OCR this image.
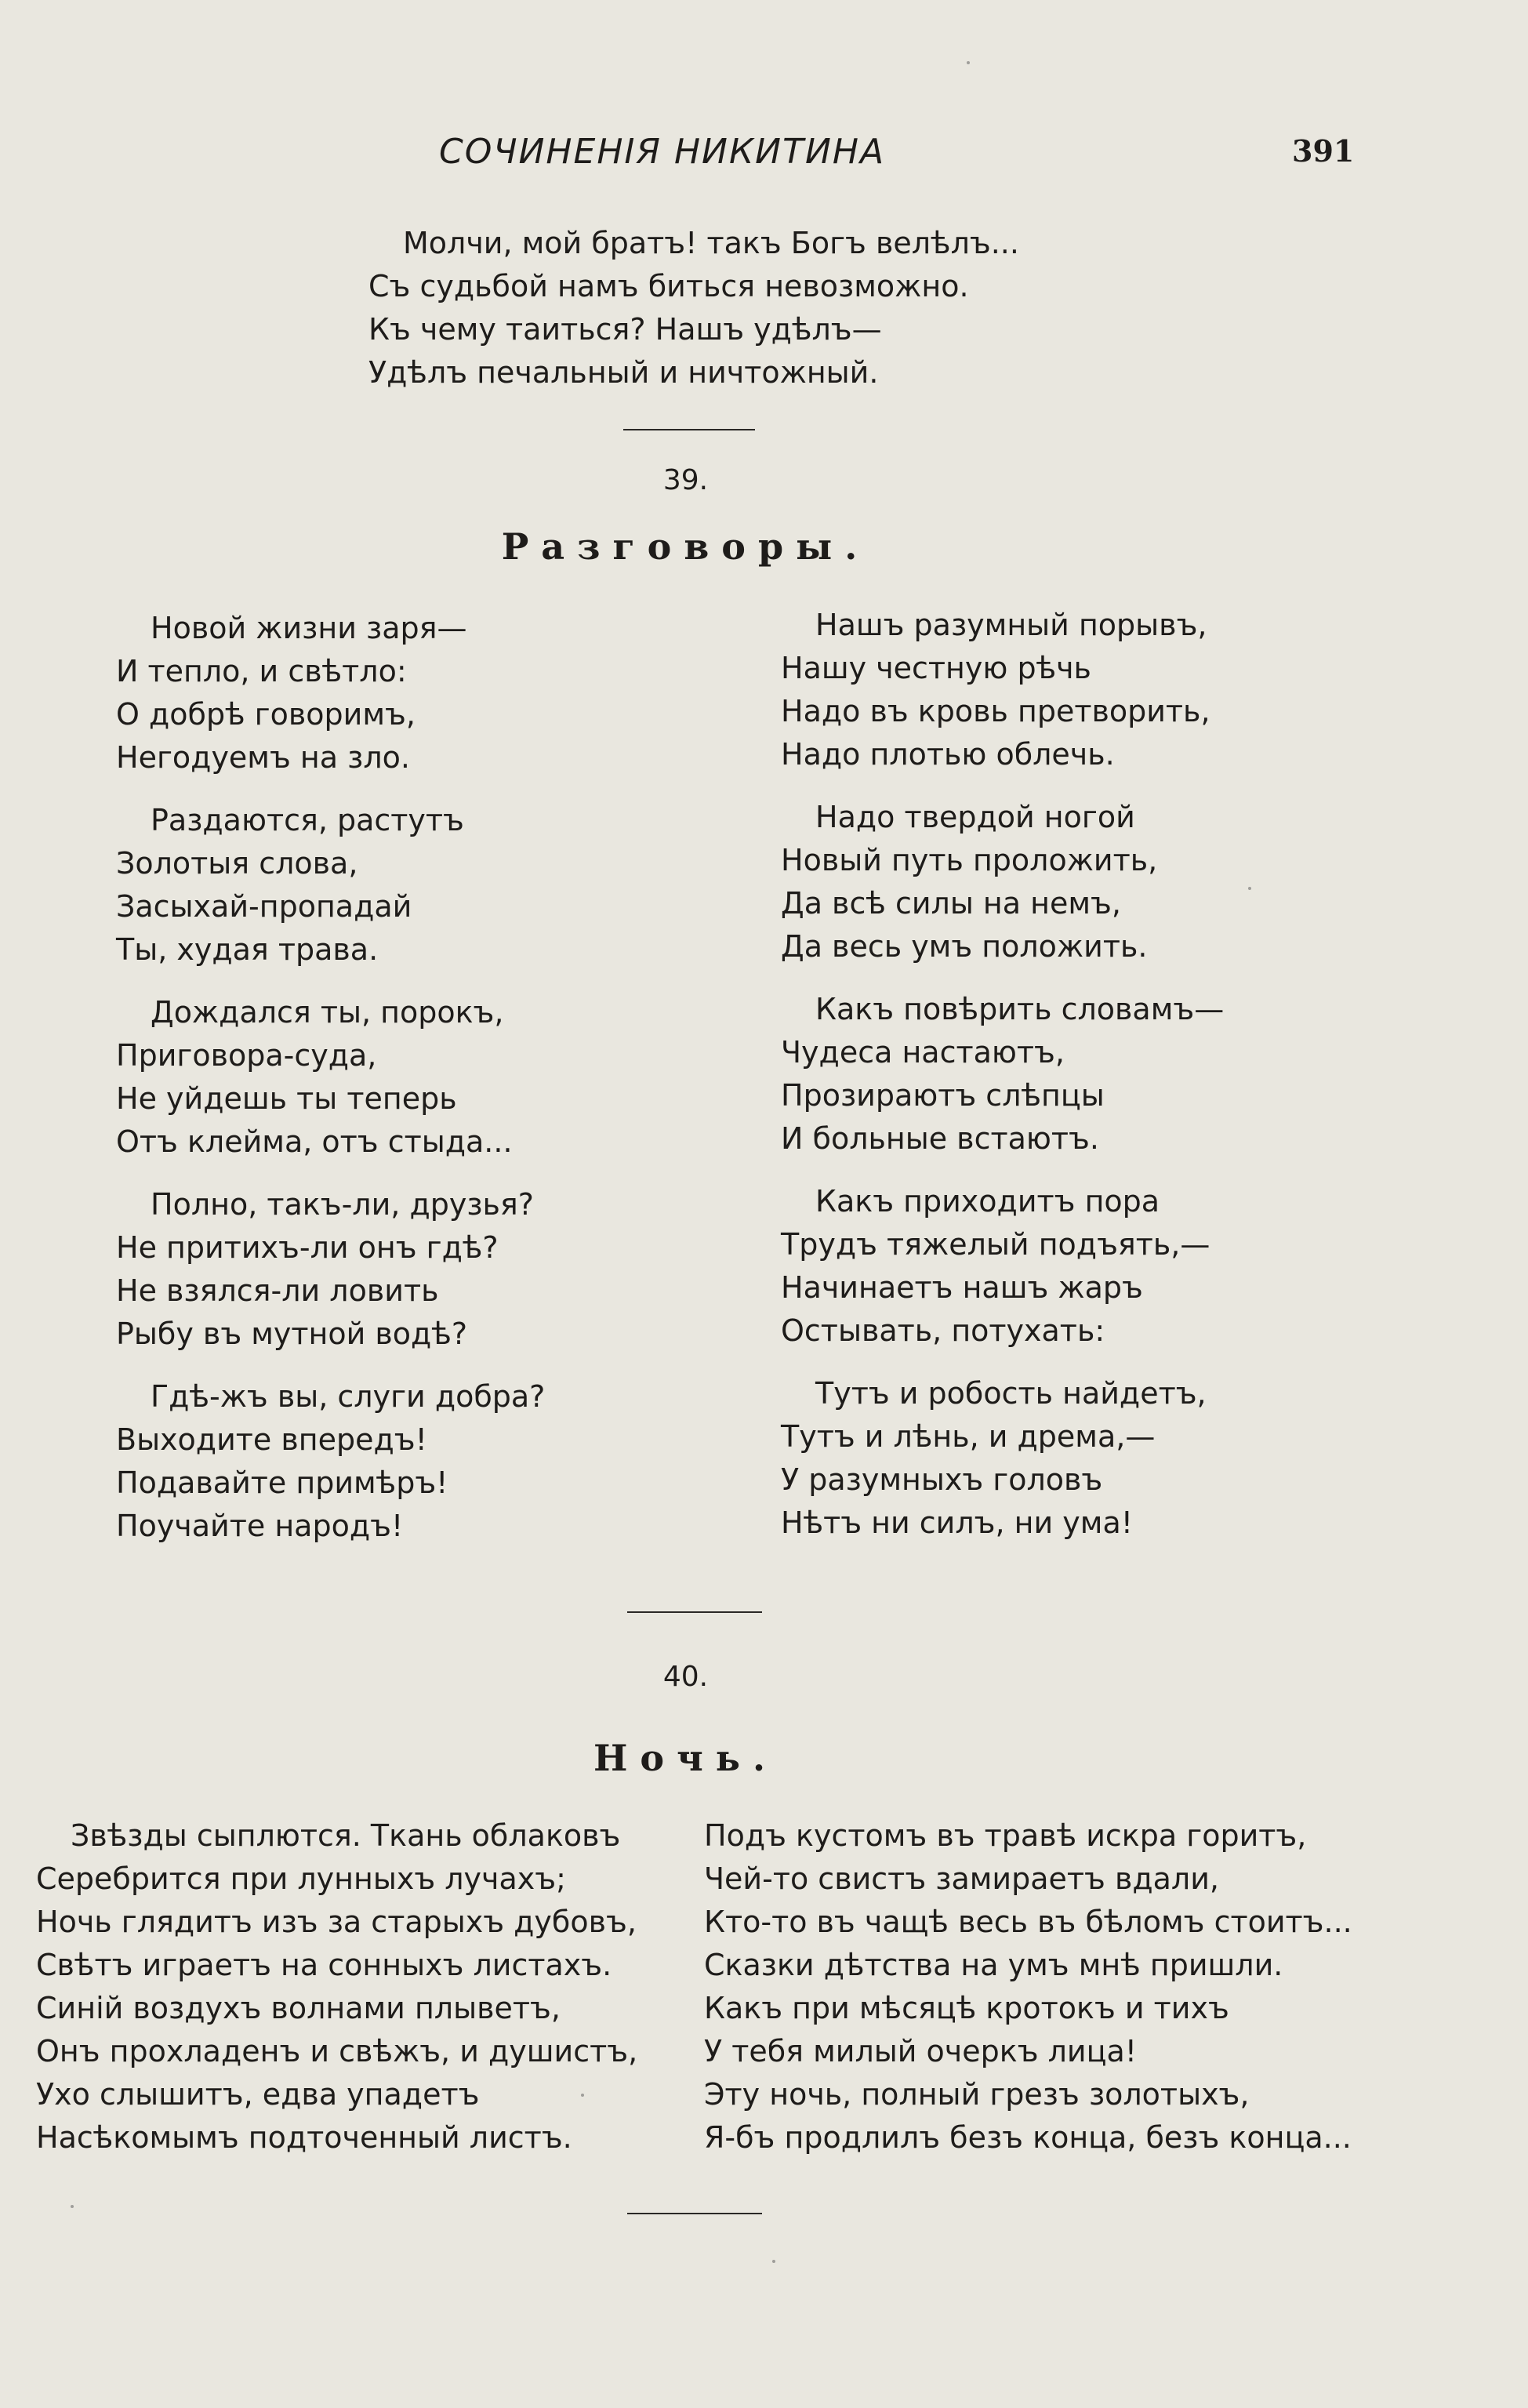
СОЧИНЕНІЯ НИКИТИНА	391
Молчи, мой братъ! такъ Богъ велѣлъ...
Съ судьбой намъ биться невозможно.
Къ чему таиться? Нашъ удѣлъ—
Удѣлъ печальный и ничтожный.
39.
Разговоры.
Новой жизни заря—
И тепло, и свѣтло:
О добрѣ говоримъ,
Негодуемъ на зло.
Раздаются, растутъ
Золотыя слова,
Засыхай-пропадай
Ты, худая трава.
Дождался ты, порокъ,
Приговора-суда,
Не уйдешь ты теперь
Отъ клейма, отъ стыда...
Полно, такъ-ли, друзья?
Не притихъ-ли онъ гдѣ?
Не взялся-ли ловить
Рыбу въ мутной водѣ?
Гдѣ-жъ вы, слуги добра?
Выходите впередъ!
Подавайте примѣръ!
Поучайте народъ!
Нашъ разумный порывъ,
Нашу честную рѣчь
Надо въ кровь претворить,
Надо плотью облечь.
Надо твердой ногой
Новый путь проложить,
Да всѣ силы на немъ,
Да весь умъ положить.
Какъ повѣрить словамъ—
Чудеса настаютъ,
Прозираютъ слѣпцы
И больные встаютъ.
Какъ приходитъ пора
Трудъ тяжелый подъять,—
Начинаетъ нашъ жаръ
Остывать, потухать:
Тутъ и робость найдетъ,
Тутъ и лѣнь, и дрема,—
У разумныхъ головъ
Нѣтъ ни силъ, ни ума!
40.
Ночь.
Звѣзды сыплются. Ткань облаковъ
Серебрится при лунныхъ лучахъ;
Ночь глядитъ изъ за старыхъ дубовъ,
Свѣтъ играетъ на сонныхъ листахъ.
Синій воздухъ волнами плыветъ,
Онъ прохладенъ и свѣжъ, и душистъ,
Ухо слышитъ, едва упадетъ
Насѣкомымъ подточенный листъ.
Подъ кустомъ въ травѣ искра горитъ,
Чей-то свистъ замираетъ вдали,
Кто-то въ чащѣ весь въ бѣломъ стоитъ...
Сказки дѣтства на умъ мнѣ пришли.
Какъ при мѣсяцѣ кротокъ и тихъ
У тебя милый очеркъ лица!
Эту ночь, полный грезъ золотыхъ,
Я-бъ продлилъ безъ конца, безъ конца...
